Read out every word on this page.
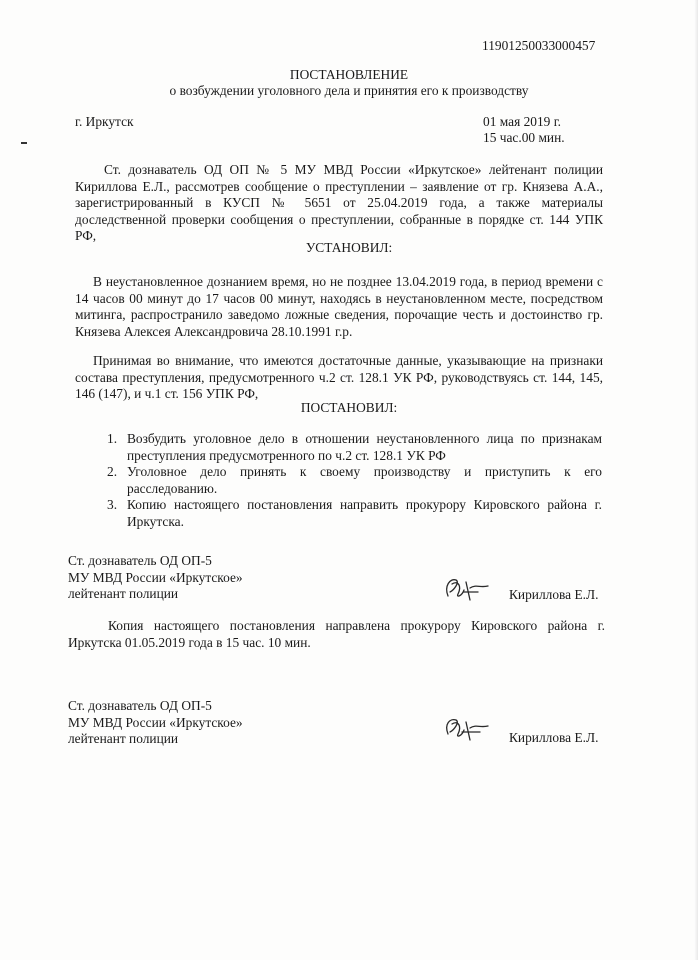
11901250033000457
ПОСТАНОВЛЕНИЕ
о возбуждении уголовного дела и принятия его к производству
г. Иркутск	01 мая 2019 г.
15 час.00 мин.
Ст. дознаватель ОД ОП № 5 МУ МВД России «Иркутское» лейтенант полиции Кириллова Е.Л., рассмотрев сообщение о преступлении – заявление от гр. Князева А.А., зарегистрированный в КУСП № 5651 от 25.04.2019 года, а также материалы доследственной проверки сообщения о преступлении, собранные в порядке ст. 144 УПК РФ,
УСТАНОВИЛ:
В неустановленное дознанием время, но не позднее 13.04.2019 года, в период времени с 14 часов 00 минут до 17 часов 00 минут, находясь в неустановленном месте, посредством митинга, распространило заведомо ложные сведения, порочащие честь и достоинство гр. Князева Алексея Александровича 28.10.1991 г.р.
Принимая во внимание, что имеются достаточные данные, указывающие на признаки состава преступления, предусмотренного ч.2 ст. 128.1 УК РФ, руководствуясь ст. 144, 145, 146 (147), и ч.1 ст. 156 УПК РФ,
ПОСТАНОВИЛ:
1. Возбудить уголовное дело в отношении неустановленного лица по признакам преступления предусмотренного по ч.2 ст. 128.1 УК РФ
2. Уголовное дело принять к своему производству и приступить к его расследованию.
3. Копию настоящего постановления направить прокурору Кировского района г. Иркутска.
Ст. дознаватель ОД ОП-5
МУ МВД России «Иркутское»
лейтенант полиции	Кириллова Е.Л.
Копия настоящего постановления направлена прокурору Кировского района г. Иркутска 01.05.2019 года в 15 час. 10 мин.
Ст. дознаватель ОД ОП-5
МУ МВД России «Иркутское»
лейтенант полиции	Кириллова Е.Л.
